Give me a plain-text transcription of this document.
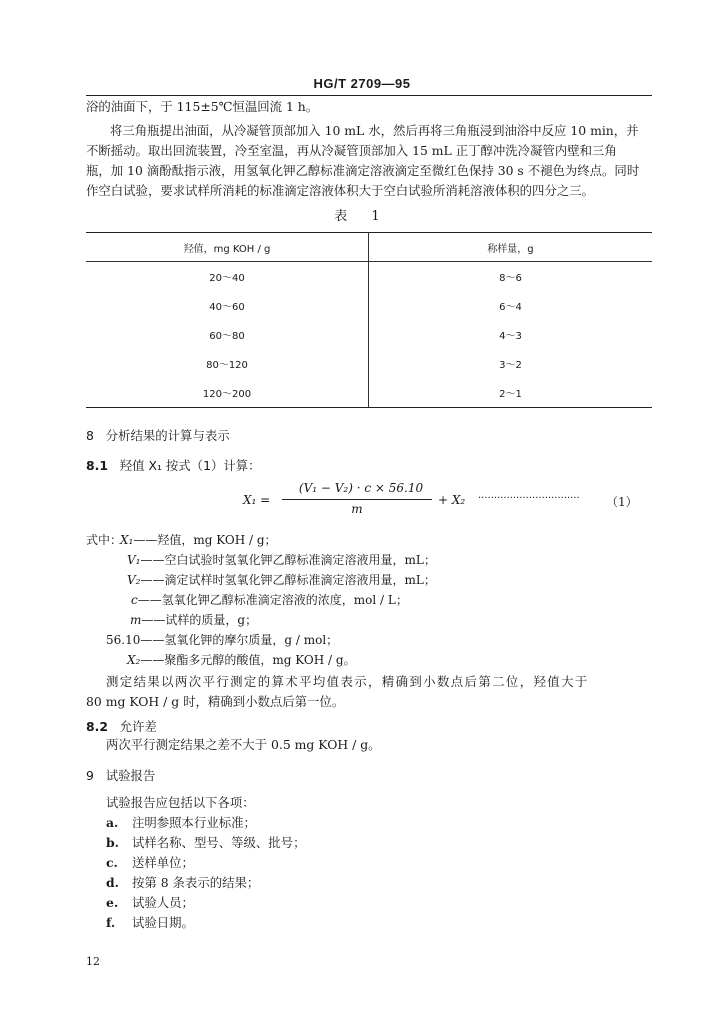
HG/T 2709—95
浴的油面下，于 115±5℃恒温回流 1 h。
将三角瓶提出油面，从冷凝管顶部加入 10 mL 水，然后再将三角瓶浸到油浴中反应 10 min，并
不断摇动。取出回流装置，冷至室温，再从冷凝管顶部加入 15 mL 正丁醇冲洗冷凝管内壁和三角
瓶，加 10 滴酚酞指示液，用氢氧化钾乙醇标准滴定溶液滴定至微红色保持 30 s 不褪色为终点。同时
作空白试验，要求试样所消耗的标准滴定溶液体积大于空白试验所消耗溶液体积的四分之三。
表 1
羟值，mg KOH / g	称样量，g
20～40	8～6
40～60	6～4
60～80	4～3
80～120	3～2
120～200	2～1
8 分析结果的计算与表示
8.1 羟值 X₁ 按式（1）计算：
X₁ =
(V₁ − V₂) · c × 56.10
m
+ X₂ ································ （1）
式中：
X₁——羟值，mg KOH / g；
V₁——空白试验时氢氧化钾乙醇标准滴定溶液用量，mL；
V₂——滴定试样时氢氧化钾乙醇标准滴定溶液用量，mL；
c——氢氧化钾乙醇标准滴定溶液的浓度，mol / L；
m——试样的质量，g；
56.10——氢氧化钾的摩尔质量，g / mol；
X₂——聚酯多元醇的酸值，mg KOH / g。
测定结果以两次平行测定的算术平均值表示，精确到小数点后第二位，羟值大于
80 mg KOH / g 时，精确到小数点后第一位。
8.2 允许差
两次平行测定结果之差不大于 0.5 mg KOH / g。
9 试验报告
试验报告应包括以下各项：
a. 注明参照本行业标准；
b. 试样名称、型号、等级、批号；
c. 送样单位；
d. 按第 8 条表示的结果；
e. 试验人员；
f. 试验日期。
12
